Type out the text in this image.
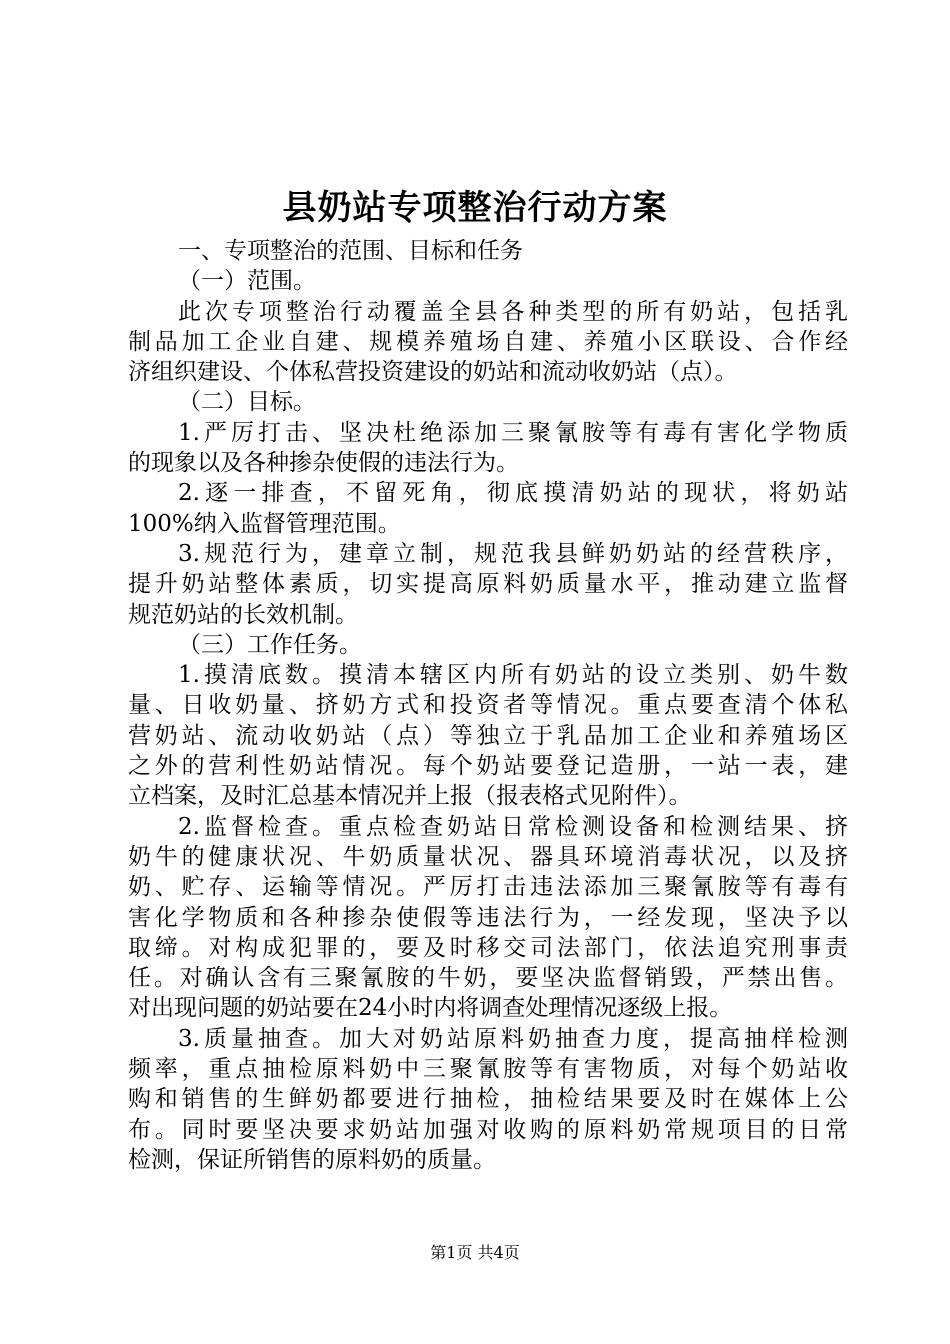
县奶站专项整治行动方案
一、专项整治的范围、目标和任务
（一）范围。
此次专项整治行动覆盖全县各种类型的所有奶站，包括乳
制品加工企业自建、规模养殖场自建、养殖小区联设、合作经
济组织建设、个体私营投资建设的奶站和流动收奶站（点）。
（二）目标。
1.严厉打击、坚决杜绝添加三聚氰胺等有毒有害化学物质
的现象以及各种掺杂使假的违法行为。
2.逐一排查，不留死角，彻底摸清奶站的现状，将奶站
100%纳入监督管理范围。
3.规范行为，建章立制，规范我县鲜奶奶站的经营秩序，
提升奶站整体素质，切实提高原料奶质量水平，推动建立监督
规范奶站的长效机制。
（三）工作任务。
1.摸清底数。摸清本辖区内所有奶站的设立类别、奶牛数
量、日收奶量、挤奶方式和投资者等情况。重点要查清个体私
营奶站、流动收奶站（点）等独立于乳品加工企业和养殖场区
之外的营利性奶站情况。每个奶站要登记造册，一站一表，建
立档案，及时汇总基本情况并上报（报表格式见附件）。
2.监督检查。重点检查奶站日常检测设备和检测结果、挤
奶牛的健康状况、牛奶质量状况、器具环境消毒状况，以及挤
奶、贮存、运输等情况。严厉打击违法添加三聚氰胺等有毒有
害化学物质和各种掺杂使假等违法行为，一经发现，坚决予以
取缔。对构成犯罪的，要及时移交司法部门，依法追究刑事责
任。对确认含有三聚氰胺的牛奶，要坚决监督销毁，严禁出售。
对出现问题的奶站要在24小时内将调查处理情况逐级上报。
3.质量抽查。加大对奶站原料奶抽查力度，提高抽样检测
频率，重点抽检原料奶中三聚氰胺等有害物质，对每个奶站收
购和销售的生鲜奶都要进行抽检，抽检结果要及时在媒体上公
布。同时要坚决要求奶站加强对收购的原料奶常规项目的日常
检测，保证所销售的原料奶的质量。
第1页 共4页
